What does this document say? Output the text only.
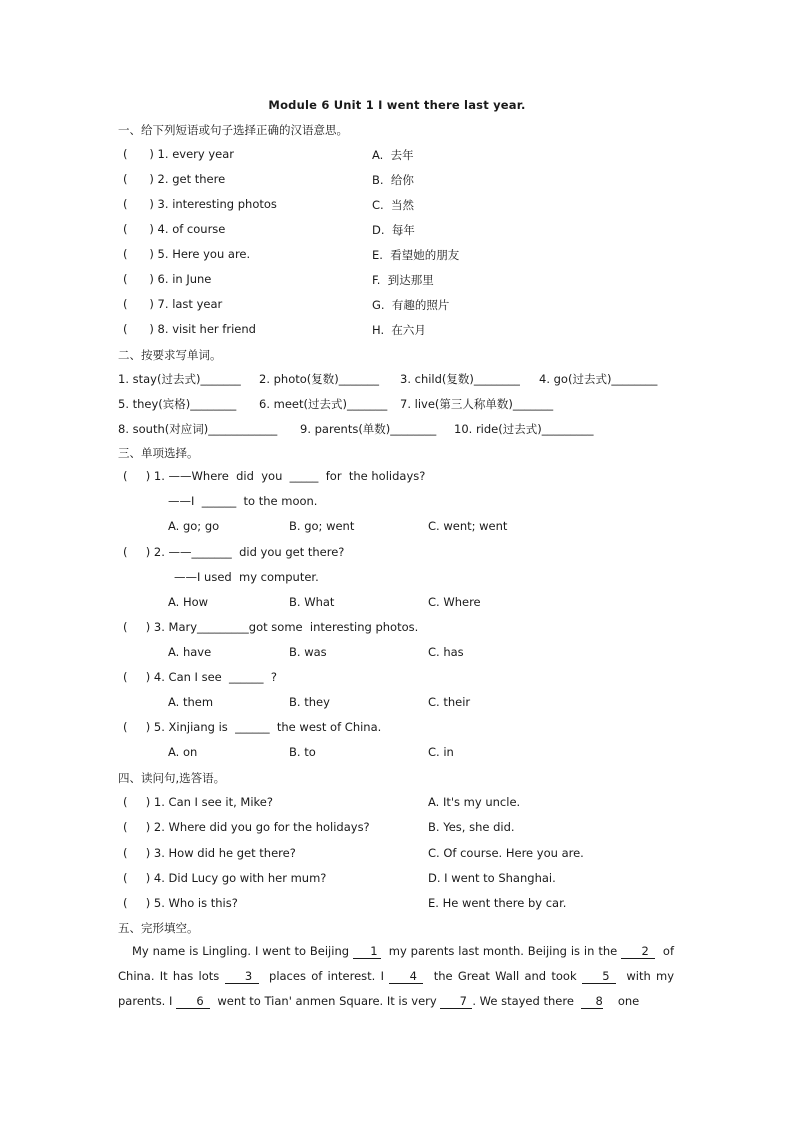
Module 6 Unit 1 I went there last year.
一、给下列短语或句子选择正确的汉语意思。
(      ) 1. every year	A.  去年
(      ) 2. get there	B.  给你
(      ) 3. interesting photos	C.  当然
(      ) 4. of course	D.  每年
(      ) 5. Here you are.	E.  看望她的朋友
(      ) 6. in June	F.  到达那里
(      ) 7. last year	G.  有趣的照片
(      ) 8. visit her friend	H.  在六月
二、按要求写单词。
1. stay(过去式)_______ 2. photo(复数)_______ 3. child(复数)________ 4. go(过去式)________
5. they(宾格)________ 6. meet(过去式)_______ 7. live(第三人称单数)_______
8. south(对应词)____________ 9. parents(单数)________ 10. ride(过去式)_________
三、单项选择。
(     ) 1. ——Where  did  you  _____  for  the holidays?
——I  ______  to the moon.
A. go; go	B. go; went	C. went; went
(     ) 2. ——_______  did you get there?
——I used  my computer.
A. How	B. What	C. Where
(     ) 3. Mary_________got some  interesting photos.
A. have	B. was	C. has
(     ) 4. Can I see  ______  ?
A. them	B. they	C. their
(     ) 5. Xinjiang is  ______  the west of China.
A. on	B. to	C. in
四、读问句,选答语。
(     ) 1. Can I see it, Mike?	A. It's my uncle.
(     ) 2. Where did you go for the holidays?	B. Yes, she did.
(     ) 3. How did he get there?	C. Of course. Here you are.
(     ) 4. Did Lucy go with her mum?	D. I went to Shanghai.
(     ) 5. Who is this?	E. He went there by car.
五、完形填空。
My name is Lingling. I went to Beijing 1 my parents last month. Beijing is in the 2 of China. It has lots 3 places of interest. I 4 the Great Wall and took 5 with my parents. I 6 went to Tian' anmen Square. It is very 7 . We stayed there 8 one
